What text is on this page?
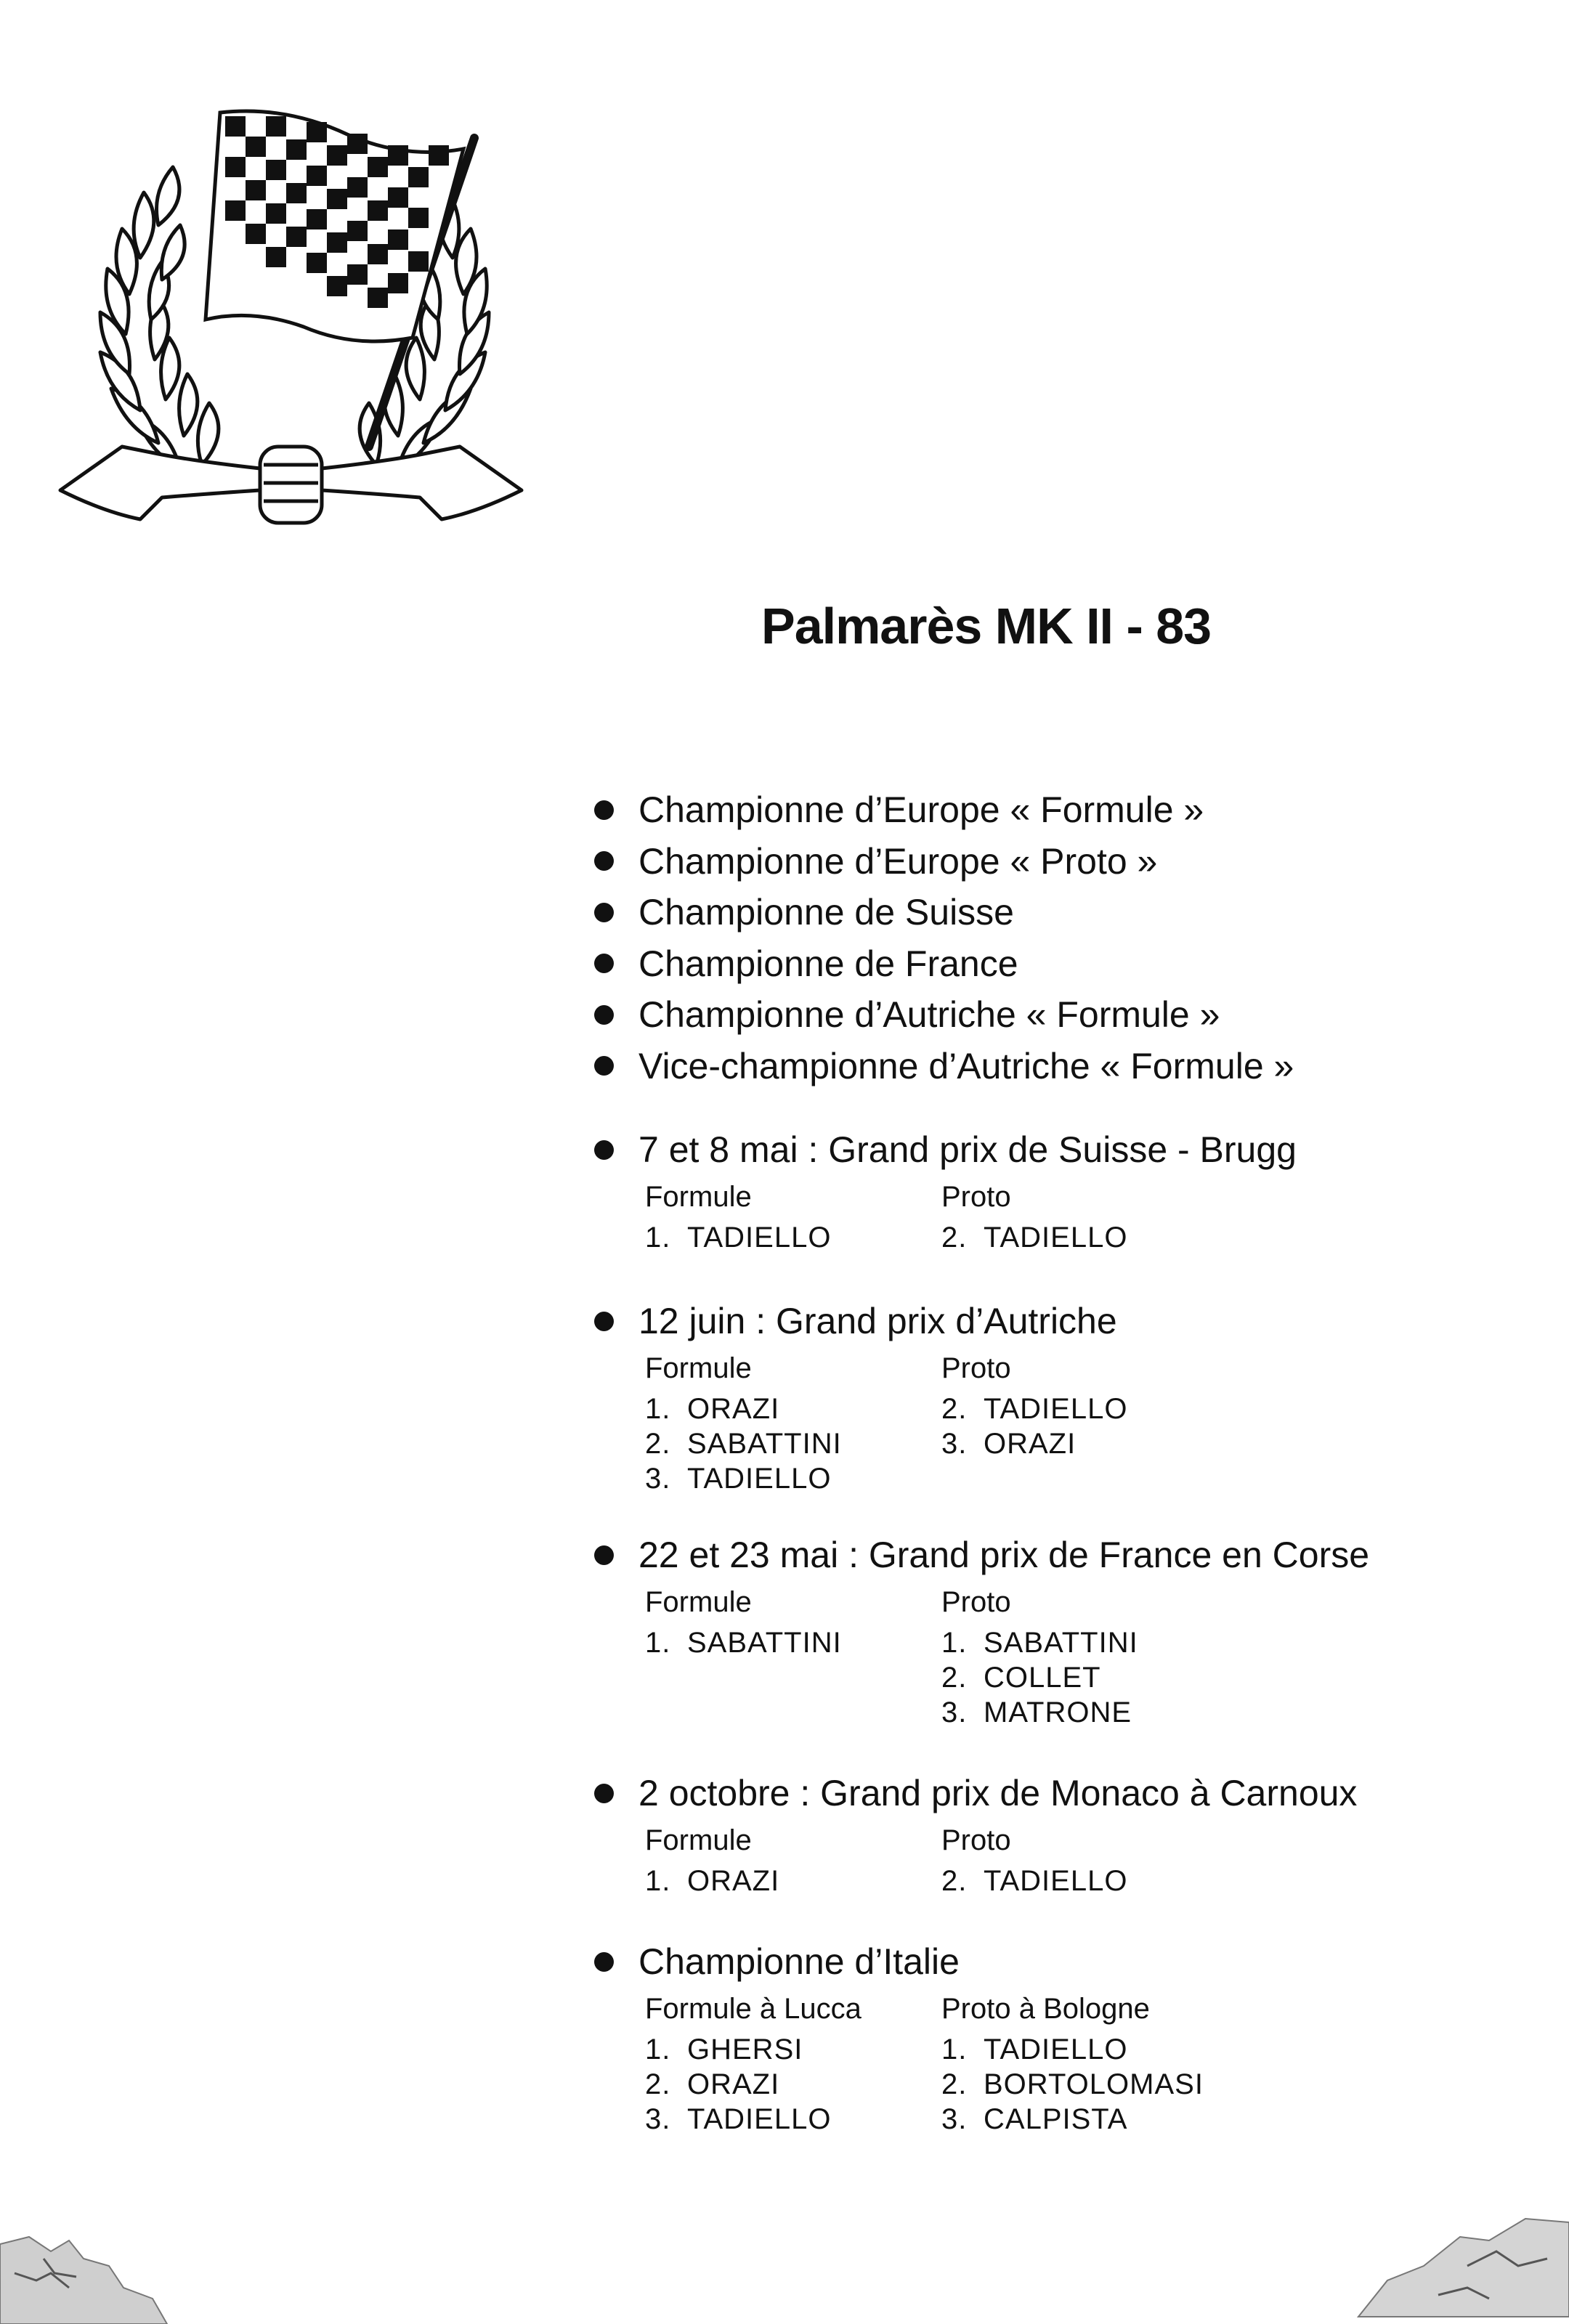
Palmarès MK II - 83
Championne d’Europe « Formule »
Championne d’Europe « Proto »
Championne de Suisse
Championne de France
Championne d’Autriche « Formule »
Vice-championne d’Autriche « Formule »
7 et 8 mai : Grand prix de Suisse - Brugg
Formule
1. TADIELLO
Proto
2. TADIELLO
12 juin : Grand prix d’Autriche
Formule
1. ORAZI
2. SABATTINI
3. TADIELLO
Proto
2. TADIELLO
3. ORAZI
22 et 23 mai : Grand prix de France en Corse
Formule
1. SABATTINI
Proto
1. SABATTINI
2. COLLET
3. MATRONE
2 octobre : Grand prix de Monaco à Carnoux
Formule
1. ORAZI
Proto
2. TADIELLO
Championne d’Italie
Formule à Lucca
1. GHERSI
2. ORAZI
3. TADIELLO
Proto à Bologne
1. TADIELLO
2. BORTOLOMASI
3. CALPISTA
